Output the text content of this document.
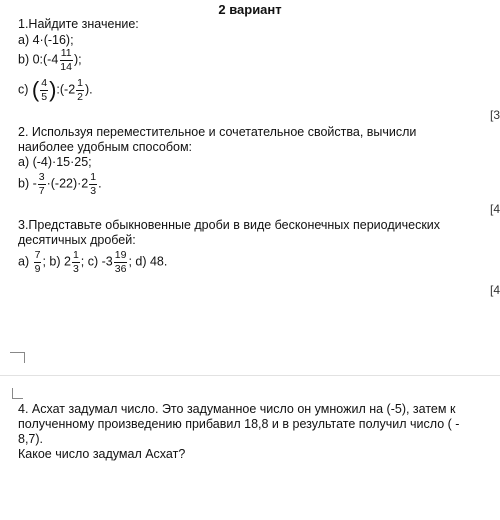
2 вариант
1.Найдите значение:
а) 4·(-16);
b) 0:(-4 $\frac{11}{14}$ );
с) ( $\frac{4}{5}$ ):(-2 $\frac{1}{2}$ ).
2. Используя переместительное и сочетательное свойства, вычисли
наиболее удобным способом:
а) (-4)·15·25;
$b) - \frac{3}{7} \cdot(-22)\cdot 2 \frac{1}{3}$ .
3.Представьте обыкновенные дроби в виде бесконечных периодических
десятичных дробей:
$а) \frac{7}{9}$ ; b) $2 \frac{1}{3}$ ; c) $-3 \frac{19}{36}$ ; d) 48.
[3
[4
[4
4. Асхат задумал число. Это задуманное число он умножил на (-5), затем к
полученному произведению прибавил 18,8 и в результате получил число ( -
8,7).
Какое число задумал Асхат?
